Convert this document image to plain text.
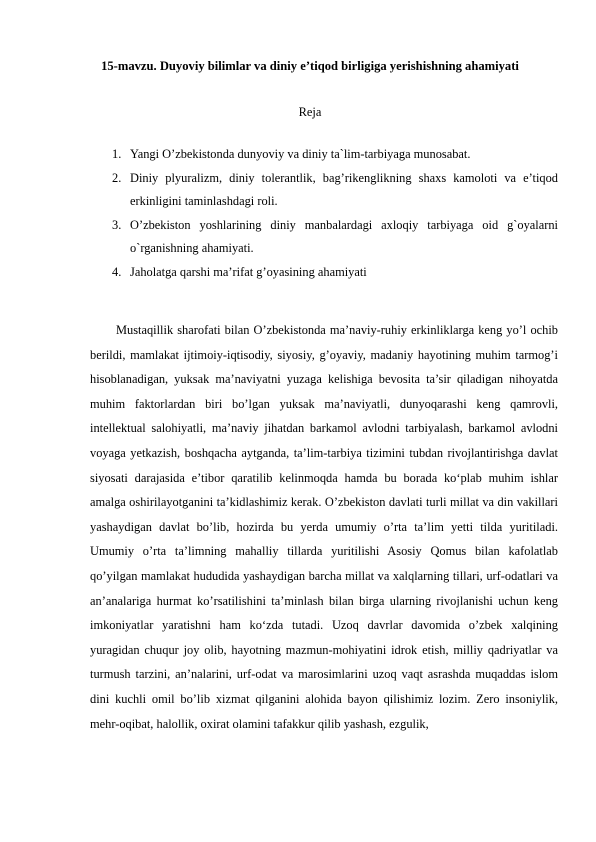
15-mavzu. Duyoviy bilimlar va diniy e’tiqod birligiga yerishishning ahamiyati
Reja
1. Yangi O’zbekistonda dunyoviy va diniy ta`lim-tarbiyaga munosabat.
2. Diniy plyuralizm, diniy tolerantlik, bag’rikenglikning shaxs kamoloti va e’tiqod erkinligini taminlashdagi roli.
3. O’zbekiston yoshlarining diniy manbalardagi axloqiy tarbiyaga oid g`oyalarni o`rganishning ahamiyati.
4. Jaholatga qarshi ma’rifat g’oyasining ahamiyati

Mustaqillik sharofati bilan O’zbekistonda ma’naviy-ruhiy erkinliklarga keng yo’l ochib berildi, mamlakat ijtimoiy-iqtisodiy, siyosiy, g’oyaviy, madaniy hayotining muhim tarmog’i hisoblanadigan, yuksak ma’naviyatni yuzaga kelishiga bevosita ta’sir qiladigan nihoyatda muhim faktorlardan biri bo’lgan yuksak ma’naviyatli, dunyoqarashi keng qamrovli, intellektual salohiyatli, ma’naviy jihatdan barkamol avlodni tarbiyalash, barkamol avlodni voyaga yetkazish, boshqacha aytganda, ta’lim-tarbiya tizimini tubdan rivojlantirishga davlat siyosati darajasida e’tibor qaratilib kelinmoqda hamda bu borada ko‘plab muhim ishlar amalga oshirilayotganini ta’kidlashimiz kerak. O’zbekiston davlati turli millat va din vakillari yashaydigan davlat bo’lib, hozirda bu yerda umumiy o’rta ta’lim yetti tilda yuritiladi. Umumiy o’rta ta’limning mahalliy tillarda yuritilishi Asosiy Qomus bilan kafolatlab qo’yilgan mamlakat hududida yashaydigan barcha millat va xalqlarning tillari, urf-odatlari va an’analariga hurmat ko’rsatilishini ta’minlash bilan birga ularning rivojlanishi uchun keng imkoniyatlar yaratishni ham ko‘zda tutadi. Uzoq davrlar davomida o’zbek xalqining yuragidan chuqur joy olib, hayotning mazmun-mohiyatini idrok etish, milliy qadriyatlar va turmush tarzini, an’nalarini, urf-odat va marosimlarini uzoq vaqt asrashda muqaddas islom dini kuchli omil bo’lib xizmat qilganini alohida bayon qilishimiz lozim. Zero insoniylik, mehr-oqibat, halollik, oxirat olamini tafakkur qilib yashash, ezgulik,
